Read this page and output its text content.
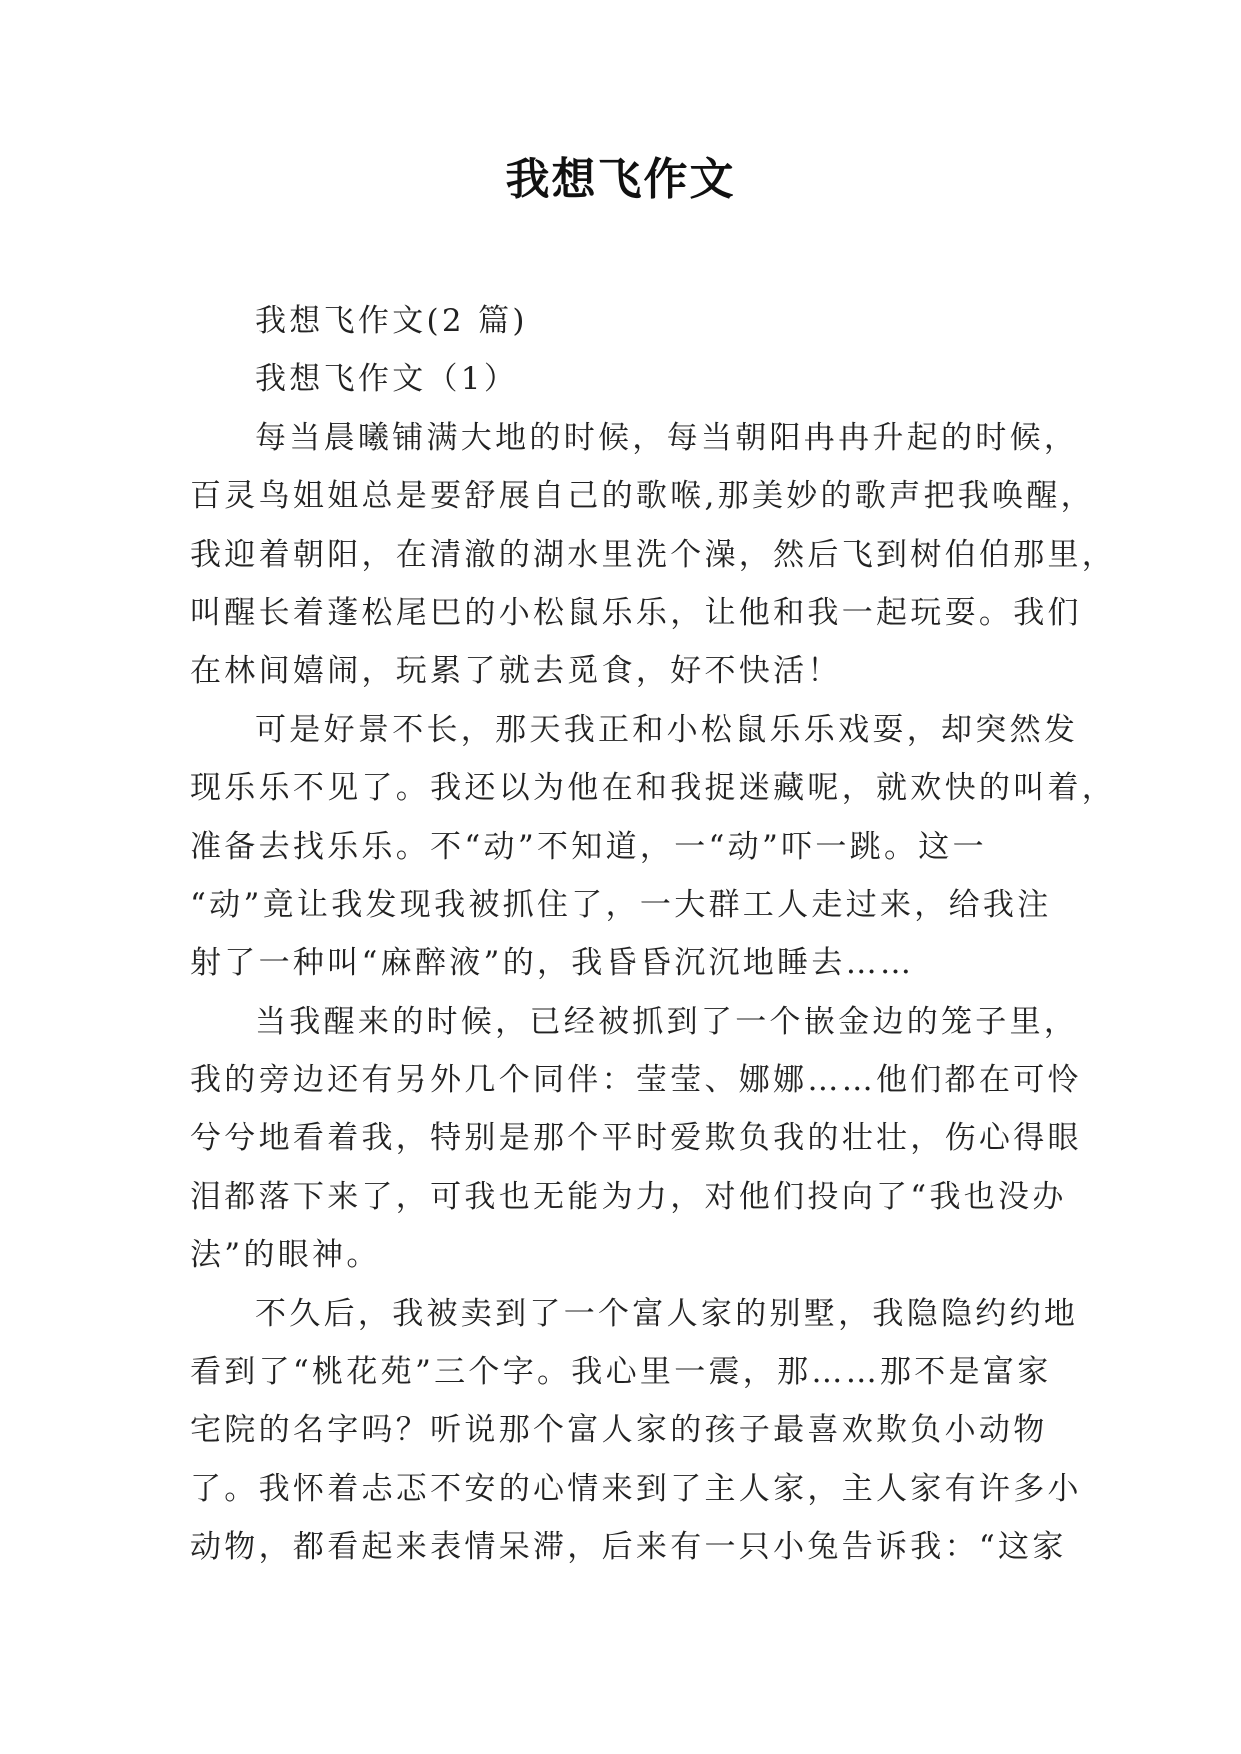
我想飞作文
我想飞作文(2 篇)
我想飞作文（1）
每当晨曦铺满大地的时候，每当朝阳冉冉升起的时候，
百灵鸟姐姐总是要舒展自己的歌喉,那美妙的歌声把我唤醒，
我迎着朝阳，在清澈的湖水里洗个澡，然后飞到树伯伯那里，
叫醒长着蓬松尾巴的小松鼠乐乐，让他和我一起玩耍。我们
在林间嬉闹，玩累了就去觅食，好不快活！
可是好景不长，那天我正和小松鼠乐乐戏耍，却突然发
现乐乐不见了。我还以为他在和我捉迷藏呢，就欢快的叫着，
准备去找乐乐。不“动”不知道，一“动”吓一跳。这一
“动”竟让我发现我被抓住了，一大群工人走过来，给我注
射了一种叫“麻醉液”的，我昏昏沉沉地睡去……
当我醒来的时候，已经被抓到了一个嵌金边的笼子里，
我的旁边还有另外几个同伴：莹莹、娜娜……他们都在可怜
兮兮地看着我，特别是那个平时爱欺负我的壮壮，伤心得眼
泪都落下来了，可我也无能为力，对他们投向了“我也没办
法”的眼神。
不久后，我被卖到了一个富人家的别墅，我隐隐约约地
看到了“桃花苑”三个字。我心里一震，那……那不是富家
宅院的名字吗？听说那个富人家的孩子最喜欢欺负小动物
了。我怀着忐忑不安的心情来到了主人家，主人家有许多小
动物，都看起来表情呆滞，后来有一只小兔告诉我：“这家
